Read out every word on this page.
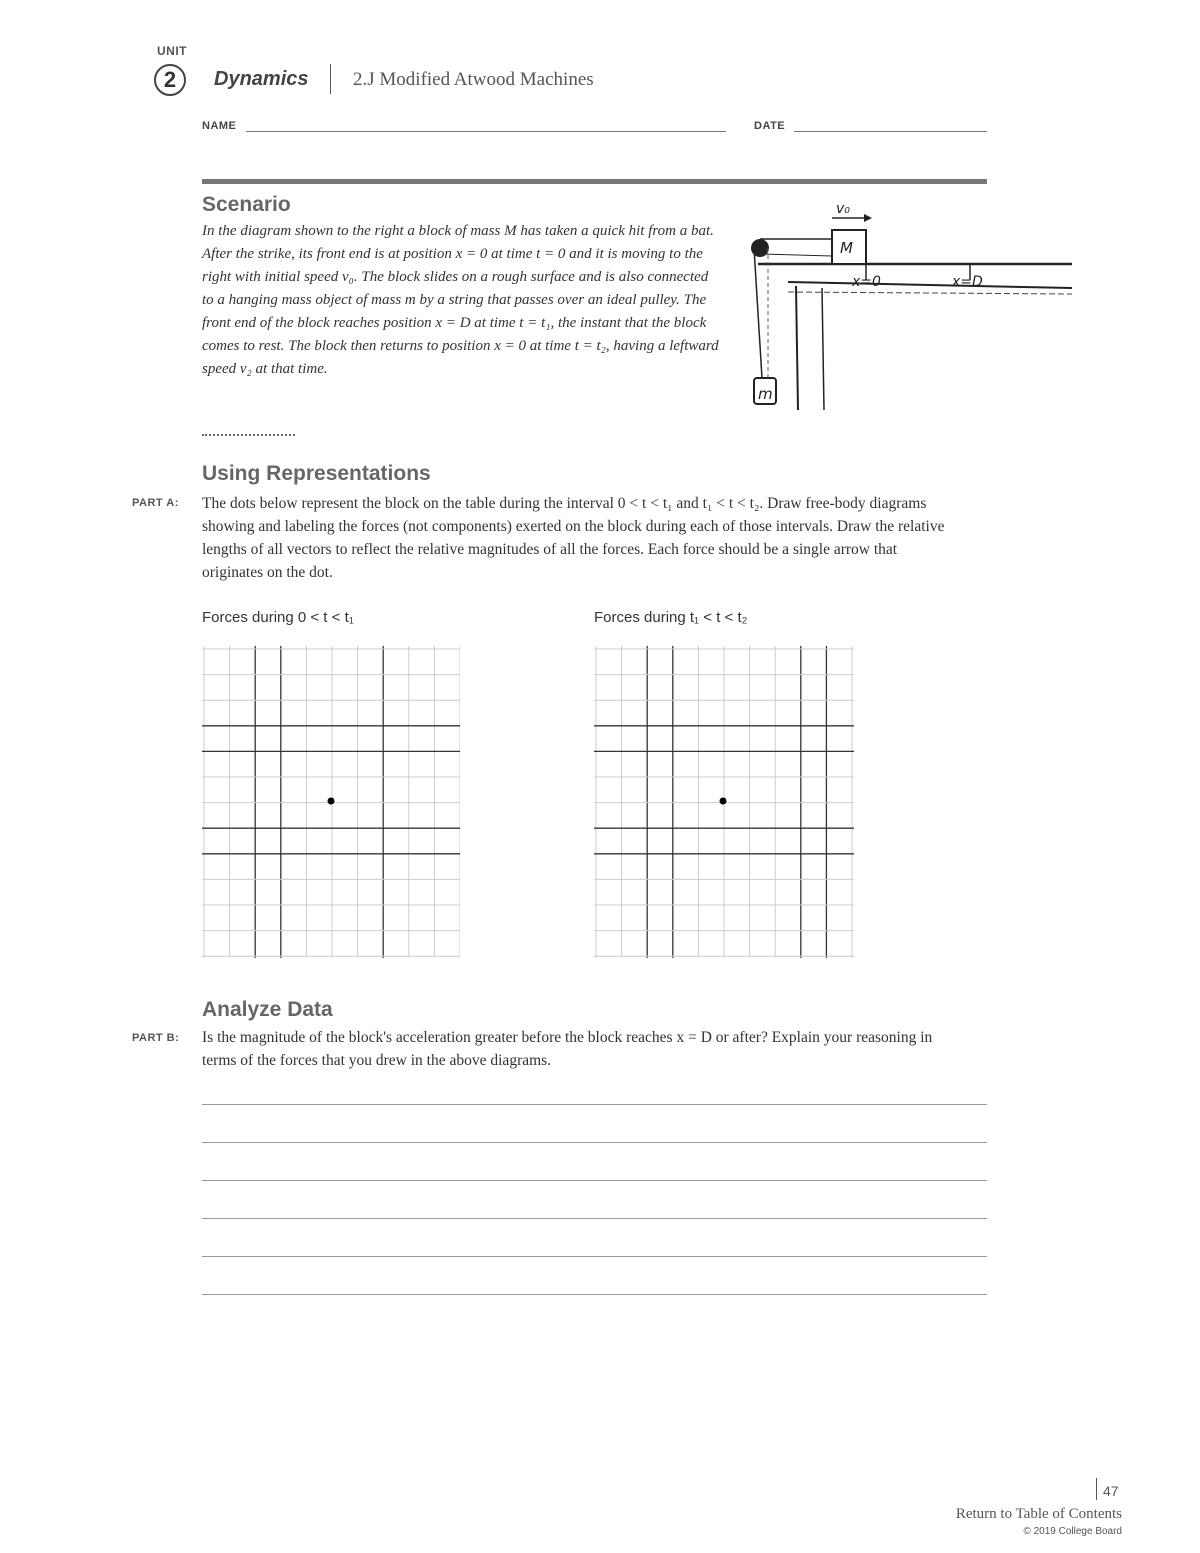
UNIT
2	Dynamics 2.J Modified Atwood Machines
NAME	DATE
Scenario
In the diagram shown to the right a block of mass M has taken a quick hit from a bat. After the strike, its front end is at position x = 0 at time t = 0 and it is moving to the right with initial speed v₀. The block slides on a rough surface and is also connected to a hanging mass object of mass m by a string that passes over an ideal pulley. The front end of the block reaches position x = D at time t = t₁, the instant that the block comes to rest. The block then returns to position x = 0 at time t = t₂, having a leftward speed v₂ at that time.
M
v₀
m
x=0	x=D
Using Representations
PART A: The dots below represent the block on the table during the interval 0 < t < t₁ and t₁ < t < t₂. Draw free-body diagrams showing and labeling the forces (not components) exerted on the block during each of those intervals. Draw the relative lengths of all vectors to reflect the relative magnitudes of all the forces. Each force should be a single arrow that originates on the dot.
Forces during 0 < t < t₁	Forces during t₁ < t < t₂
Analyze Data
PART B: Is the magnitude of the block's acceleration greater before the block reaches x = D or after? Explain your reasoning in terms of the forces that you drew in the above diagrams.
47
Return to Table of Contents
© 2019 College Board
